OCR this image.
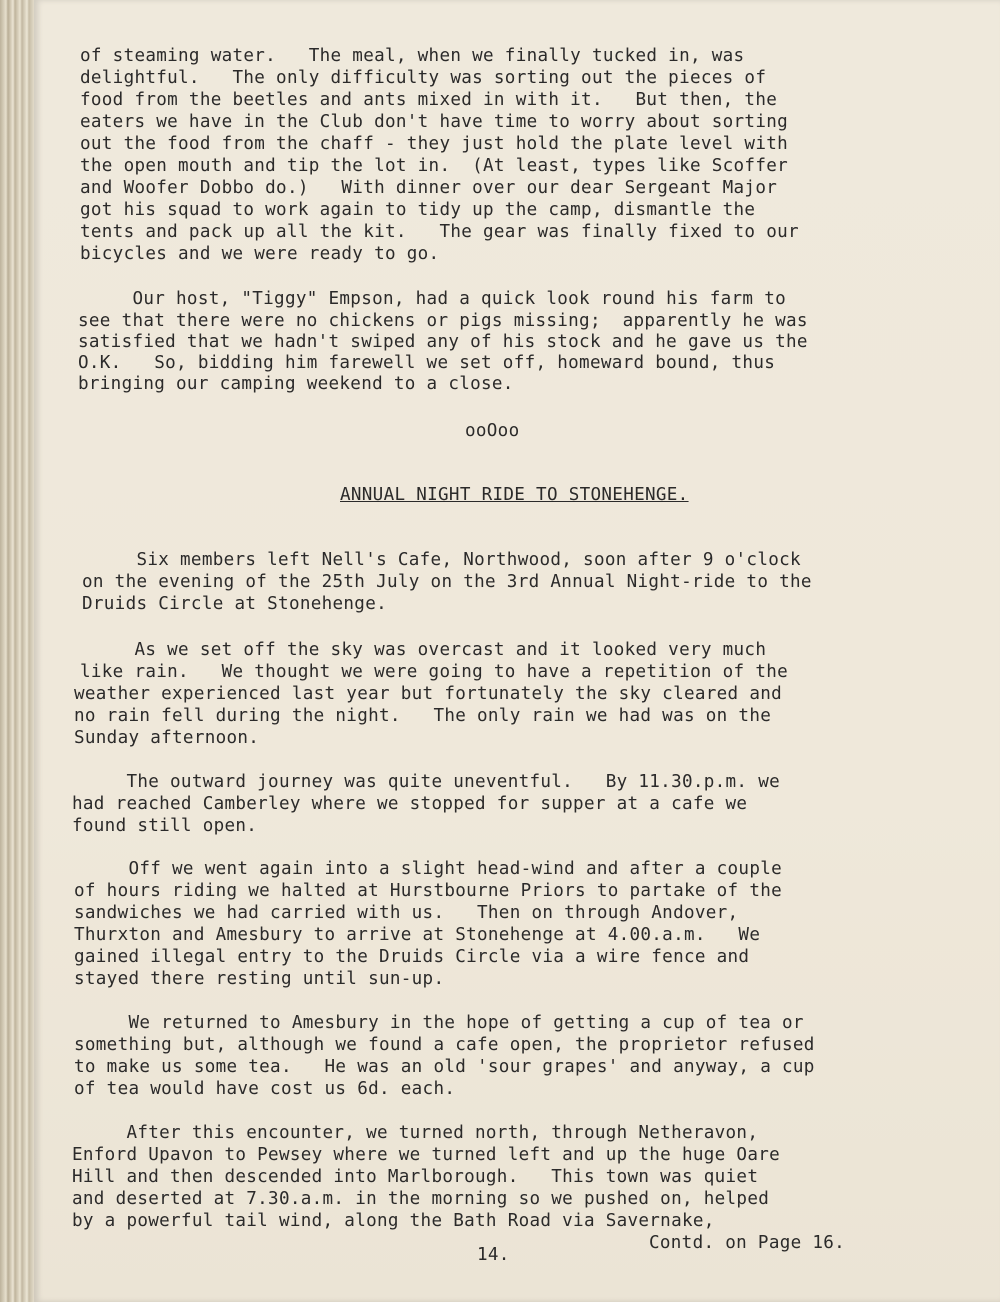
of steaming water.   The meal, when we finally tucked in, was
delightful.   The only difficulty was sorting out the pieces of
food from the beetles and ants mixed in with it.   But then, the
eaters we have in the Club don't have time to worry about sorting
out the food from the chaff - they just hold the plate level with
the open mouth and tip the lot in.  (At least, types like Scoffer
and Woofer Dobbo do.)   With dinner over our dear Sergeant Major
got his squad to work again to tidy up the camp, dismantle the
tents and pack up all the kit.   The gear was finally fixed to our
bicycles and we were ready to go.
Our host, "Tiggy" Empson, had a quick look round his farm to
see that there were no chickens or pigs missing;  apparently he was
satisfied that we hadn't swiped any of his stock and he gave us the
O.K.   So, bidding him farewell we set off, homeward bound, thus
bringing our camping weekend to a close.
ooOoo
ANNUAL NIGHT RIDE TO STONEHENGE.
Six members left Nell's Cafe, Northwood, soon after 9 o'clock
on the evening of the 25th July on the 3rd Annual Night-ride to the
Druids Circle at Stonehenge.
As we set off the sky was overcast and it looked very much
like rain.   We thought we were going to have a repetition of the
weather experienced last year but fortunately the sky cleared and
no rain fell during the night.   The only rain we had was on the
Sunday afternoon.
The outward journey was quite uneventful.   By 11.30.p.m. we
had reached Camberley where we stopped for supper at a cafe we
found still open.
Off we went again into a slight head-wind and after a couple
of hours riding we halted at Hurstbourne Priors to partake of the
sandwiches we had carried with us.   Then on through Andover,
Thurxton and Amesbury to arrive at Stonehenge at 4.00.a.m.   We
gained illegal entry to the Druids Circle via a wire fence and
stayed there resting until sun-up.
We returned to Amesbury in the hope of getting a cup of tea or
something but, although we found a cafe open, the proprietor refused
to make us some tea.   He was an old 'sour grapes' and anyway, a cup
of tea would have cost us 6d. each.
After this encounter, we turned north, through Netheravon,
Enford Upavon to Pewsey where we turned left and up the huge Oare
Hill and then descended into Marlborough.   This town was quiet
and deserted at 7.30.a.m. in the morning so we pushed on, helped
by a powerful tail wind, along the Bath Road via Savernake,
Contd. on Page 16.
14.
